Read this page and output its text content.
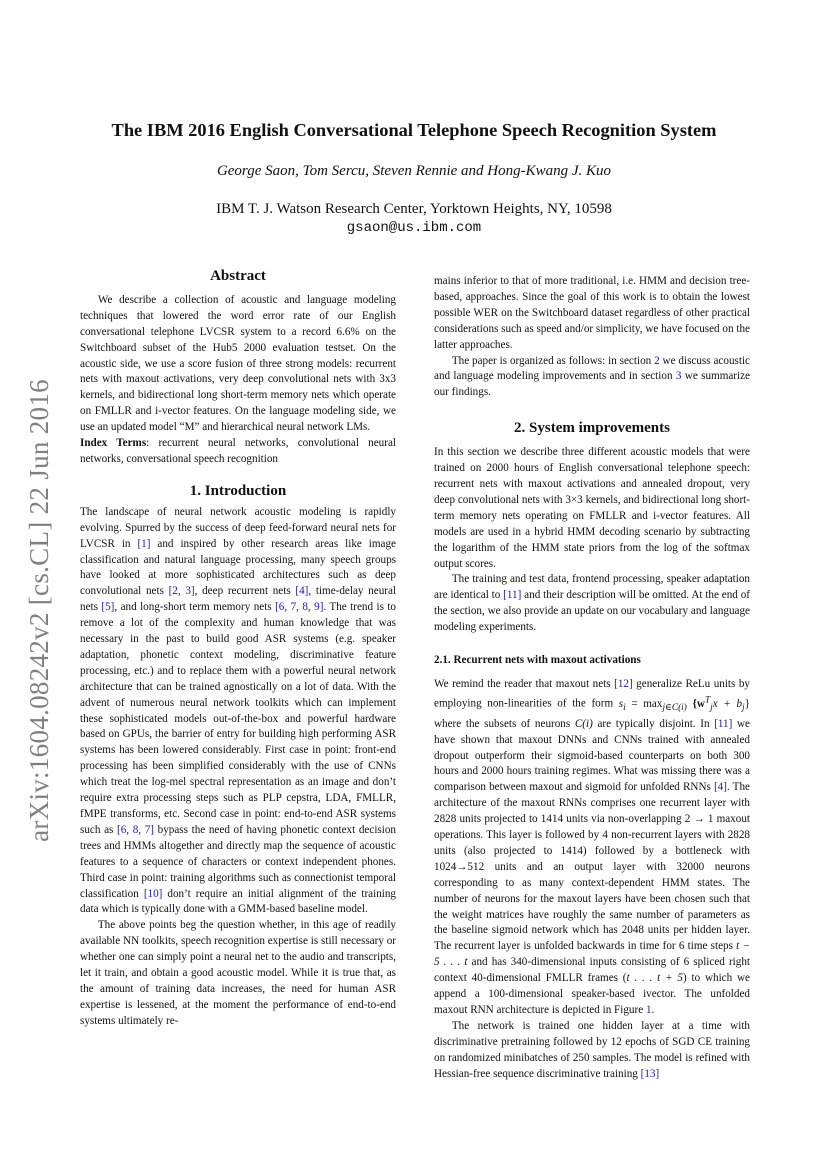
arXiv:1604.08242v2 [cs.CL] 22 Jun 2016
The IBM 2016 English Conversational Telephone Speech Recognition System
George Saon, Tom Sercu, Steven Rennie and Hong-Kwang J. Kuo
IBM T. J. Watson Research Center, Yorktown Heights, NY, 10598
gsaon@us.ibm.com
Abstract

We describe a collection of acoustic and language modeling techniques that lowered the word error rate of our English conversational telephone LVCSR system to a record 6.6% on the Switchboard subset of the Hub5 2000 evaluation testset. On the acoustic side, we use a score fusion of three strong models: recurrent nets with maxout activations, very deep convolutional nets with 3x3 kernels, and bidirectional long short-term memory nets which operate on FMLLR and i-vector features. On the language modeling side, we use an updated model “M” and hierarchical neural network LMs.

Index Terms: recurrent neural networks, convolutional neural networks, conversational speech recognition

1. Introduction

The landscape of neural network acoustic modeling is rapidly evolving. Spurred by the success of deep feed-forward neural nets for LVCSR in [1] and inspired by other research areas like image classification and natural language processing, many speech groups have looked at more sophisticated architectures such as deep convolutional nets [2, 3], deep recurrent nets [4], time-delay neural nets [5], and long-short term memory nets [6, 7, 8, 9]. The trend is to remove a lot of the complexity and human knowledge that was necessary in the past to build good ASR systems (e.g. speaker adaptation, phonetic context modeling, discriminative feature processing, etc.) and to replace them with a powerful neural network architecture that can be trained agnostically on a lot of data. With the advent of numerous neural network toolkits which can implement these sophisticated models out-of-the-box and powerful hardware based on GPUs, the barrier of entry for building high performing ASR systems has been lowered considerably. First case in point: front-end processing has been simplified considerably with the use of CNNs which treat the log-mel spectral representation as an image and don’t require extra processing steps such as PLP cepstra, LDA, FMLLR, fMPE transforms, etc. Second case in point: end-to-end ASR systems such as [6, 8, 7] bypass the need of having phonetic context decision trees and HMMs altogether and directly map the sequence of acoustic features to a sequence of characters or context independent phones. Third case in point: training algorithms such as connectionist temporal classification [10] don’t require an initial alignment of the training data which is typically done with a GMM-based baseline model.

The above points beg the question whether, in this age of readily available NN toolkits, speech recognition expertise is still necessary or whether one can simply point a neural net to the audio and transcripts, let it train, and obtain a good acoustic model. While it is true that, as the amount of training data increases, the need for human ASR expertise is lessened, at the moment the performance of end-to-end systems ultimately re-

mains inferior to that of more traditional, i.e. HMM and decision tree-based, approaches. Since the goal of this work is to obtain the lowest possible WER on the Switchboard dataset regardless of other practical considerations such as speed and/or simplicity, we have focused on the latter approaches.

The paper is organized as follows: in section 2 we discuss acoustic and language modeling improvements and in section 3 we summarize our findings.

2. System improvements

In this section we describe three different acoustic models that were trained on 2000 hours of English conversational telephone speech: recurrent nets with maxout activations and annealed dropout, very deep convolutional nets with 3×3 kernels, and bidirectional long short-term memory nets operating on FMLLR and i-vector features. All models are used in a hybrid HMM decoding scenario by subtracting the logarithm of the HMM state priors from the log of the softmax output scores.

The training and test data, frontend processing, speaker adaptation are identical to [11] and their description will be omitted. At the end of the section, we also provide an update on our vocabulary and language modeling experiments.

2.1. Recurrent nets with maxout activations

We remind the reader that maxout nets [12] generalize ReLu units by employing non-linearities of the form $s_i = \max_{j\in C(i)} \{w^T_jx + b_j\}$ where the subsets of neurons C(i) are typically disjoint. In [11] we have shown that maxout DNNs and CNNs trained with annealed dropout outperform their sigmoid-based counterparts on both 300 hours and 2000 hours training regimes. What was missing there was a comparison between maxout and sigmoid for unfolded RNNs [4]. The architecture of the maxout RNNs comprises one recurrent layer with 2828 units projected to 1414 units via non-overlapping 2 → 1 maxout operations. This layer is followed by 4 non-recurrent layers with 2828 units (also projected to 1414) followed by a bottleneck with 1024→512 units and an output layer with 32000 neurons corresponding to as many context-dependent HMM states. The number of neurons for the maxout layers have been chosen such that the weight matrices have roughly the same number of parameters as the baseline sigmoid network which has 2048 units per hidden layer. The recurrent layer is unfolded backwards in time for 6 time steps t − 5 . . . t and has 340-dimensional inputs consisting of 6 spliced right context 40-dimensional FMLLR frames (t . . . t + 5) to which we append a 100-dimensional speaker-based ivector. The unfolded maxout RNN architecture is depicted in Figure 1.

The network is trained one hidden layer at a time with discriminative pretraining followed by 12 epochs of SGD CE training on randomized minibatches of 250 samples. The model is refined with Hessian-free sequence discriminative training [13]
